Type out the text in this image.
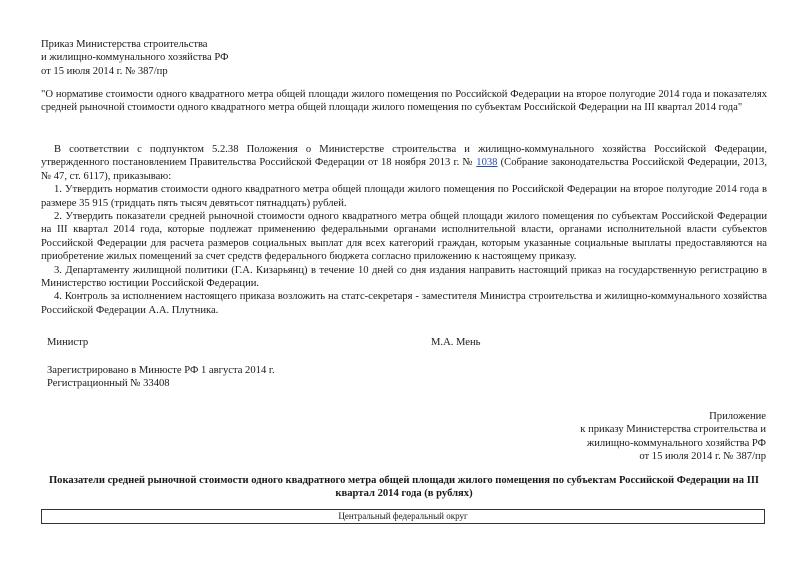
Приказ Министерства строительства
и жилищно-коммунального хозяйства РФ
от 15 июля 2014 г. № 387/пр
"О нормативе стоимости одного квадратного метра общей площади жилого помещения по Российской Федерации на второе полугодие 2014 года и показателях средней рыночной стоимости одного квадратного метра общей площади жилого помещения по субъектам Российской Федерации на III квартал 2014 года"

В соответствии с подпунктом 5.2.38 Положения о Министерстве строительства и жилищно-коммунального хозяйства Российской Федерации, утвержденного постановлением Правительства Российской Федерации от 18 ноября 2013 г. № 1038 (Собрание законодательства Российской Федерации, 2013, № 47, ст. 6117), приказываю:

1. Утвердить норматив стоимости одного квадратного метра общей площади жилого помещения по Российской Федерации на второе полугодие 2014 года в размере 35 915 (тридцать пять тысяч девятьсот пятнадцать) рублей.

2. Утвердить показатели средней рыночной стоимости одного квадратного метра общей площади жилого помещения по субъектам Российской Федерации на III квартал 2014 года, которые подлежат применению федеральными органами исполнительной власти, органами исполнительной власти субъектов Российской Федерации для расчета размеров социальных выплат для всех категорий граждан, которым указанные социальные выплаты предоставляются на приобретение жилых помещений за счет средств федерального бюджета согласно приложению к настоящему приказу.

3. Департаменту жилищной политики (Г.А. Кизарьянц) в течение 10 дней со дня издания направить настоящий приказ на государственную регистрацию в Министерство юстиции Российской Федерации.

4. Контроль за исполнением настоящего приказа возложить на статс-секретаря - заместителя Министра строительства и жилищно-коммунального хозяйства Российской Федерации А.А. Плутника.

Министр	М.А. Мень
Зарегистрировано в Минюсте РФ 1 августа 2014 г.
Регистрационный № 33408
Приложение
к приказу Министерства строительства и
жилищно-коммунального хозяйства РФ
от 15 июля 2014 г. № 387/пр
Показатели средней рыночной стоимости одного квадратного метра общей площади жилого помещения по субъектам Российской Федерации на III квартал 2014 года (в рублях)
Центральный федеральный округ
